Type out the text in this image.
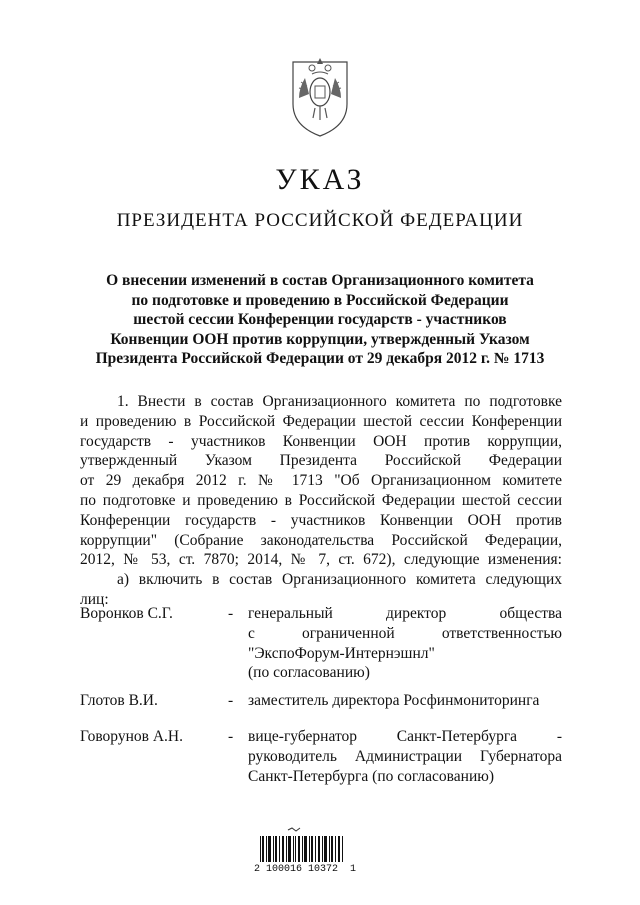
УКАЗ
ПРЕЗИДЕНТА РОССИЙСКОЙ ФЕДЕРАЦИИ
О внесении изменений в состав Организационного комитета
по подготовке и проведению в Российской Федерации
шестой сессии Конференции государств - участников
Конвенции ООН против коррупции, утвержденный Указом
Президента Российской Федерации от 29 декабря 2012 г. № 1713
1. Внести в состав Организационного комитета по подготовке
и проведению в Российской Федерации шестой сессии Конференции
государств - участников Конвенции ООН против коррупции,
утвержденный Указом Президента Российской Федерации
от 29 декабря 2012 г. № 1713 "Об Организационном комитете
по подготовке и проведению в Российской Федерации шестой сессии
Конференции государств - участников Конвенции ООН против
коррупции" (Собрание законодательства Российской Федерации,
2012, № 53, ст. 7870; 2014, № 7, ст. 672), следующие изменения:
а) включить в состав Организационного комитета следующих
лиц:
Воронков С.Г.	- генеральный директор общества
с ограниченной ответственностью
"ЭкспоФорум-Интернэшнл"
(по согласованию)
Глотов В.И.	- заместитель директора Росфинмониторинга
Говорунов А.Н.	- вице-губернатор Санкт-Петербурга -
руководитель Администрации Губернатора
Санкт-Петербурга (по согласованию)
2 100016 10372  1
